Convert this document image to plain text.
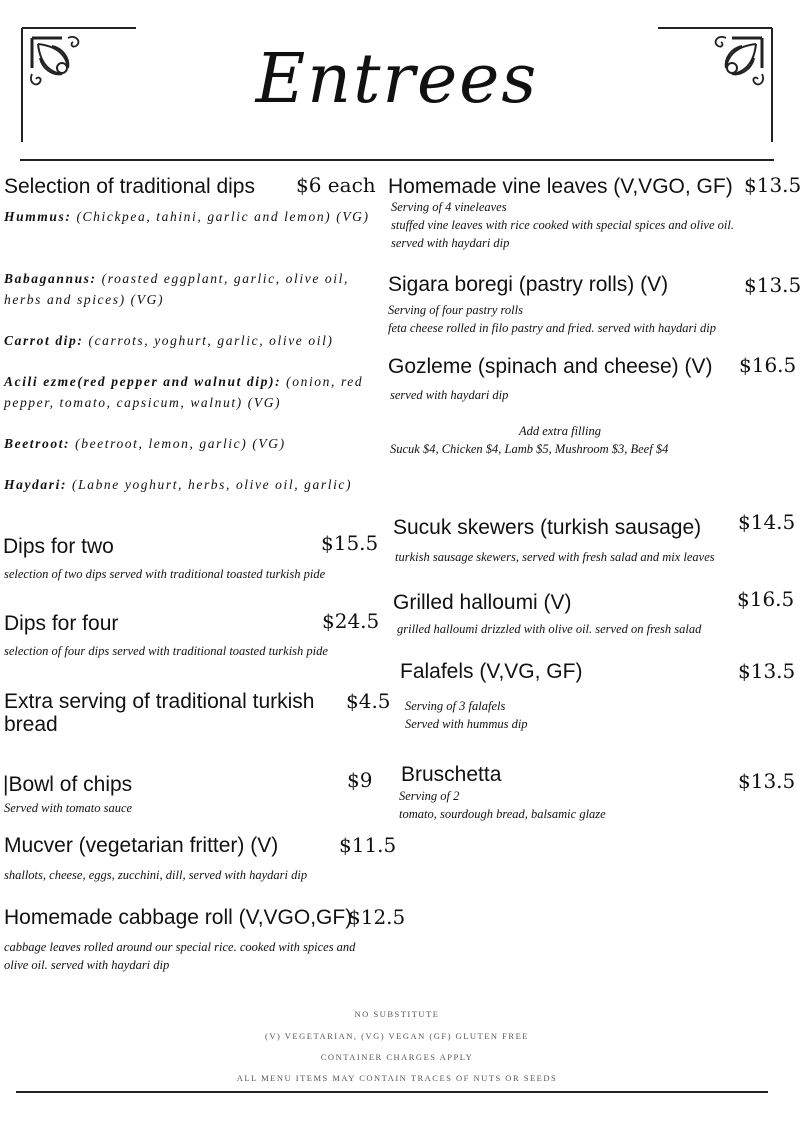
Entrees
Selection of traditional dips $6 each
Hummus: (Chickpea, tahini, garlic and lemon) (VG)
Babagannus: (roasted eggplant, garlic, olive oil, herbs and spices) (VG)
Carrot dip: (carrots, yoghurt, garlic, olive oil)
Acili ezme(red pepper and walnut dip): (onion, red pepper, tomato, capsicum, walnut) (VG)
Beetroot: (beetroot, lemon, garlic) (VG)
Haydari: (Labne yoghurt, herbs, olive oil, garlic)
Dips for two	$15.5
selection of two dips served with traditional toasted turkish pide
Dips for four	$24.5
selection of four dips served with traditional toasted turkish pide
Extra serving of traditional turkish bread
$4.5
|Bowl of chips	$9
Served with tomato sauce
Mucver (vegetarian fritter) (V)	$11.5
shallots, cheese, eggs, zucchini, dill, served with haydari dip
Homemade cabbage roll (V,VGO,GF)
$12.5
cabbage leaves rolled around our special rice. cooked with spices and olive oil. served with haydari dip
Homemade vine leaves (V,VGO, GF) $13.5
Serving of 4 vineleaves
stuffed vine leaves with rice cooked with special spices and olive oil. served with haydari dip
Sigara boregi (pastry rolls) (V)	$13.5
Serving of four pastry rolls
feta cheese rolled in filo pastry and fried. served with haydari dip
Gozleme (spinach and cheese) (V) $16.5
served with haydari dip
Add extra filling
Sucuk $4, Chicken $4, Lamb $5, Mushroom $3, Beef $4
Sucuk skewers (turkish sausage) $14.5
turkish sausage skewers, served with fresh salad and mix leaves
Grilled halloumi (V)	$16.5
grilled halloumi drizzled with olive oil. served on fresh salad
Falafels (V,VG, GF)	$13.5
Serving of 3 falafels
Served with hummus dip
Bruschetta	$13.5
Serving of 2
tomato, sourdough bread, balsamic glaze
NO SUBSTITUTE
(V) VEGETARIAN, (VG) VEGAN (GF) GLUTEN FREE
CONTAINER CHARGES APPLY
ALL MENU ITEMS MAY CONTAIN TRACES OF NUTS OR SEEDS
